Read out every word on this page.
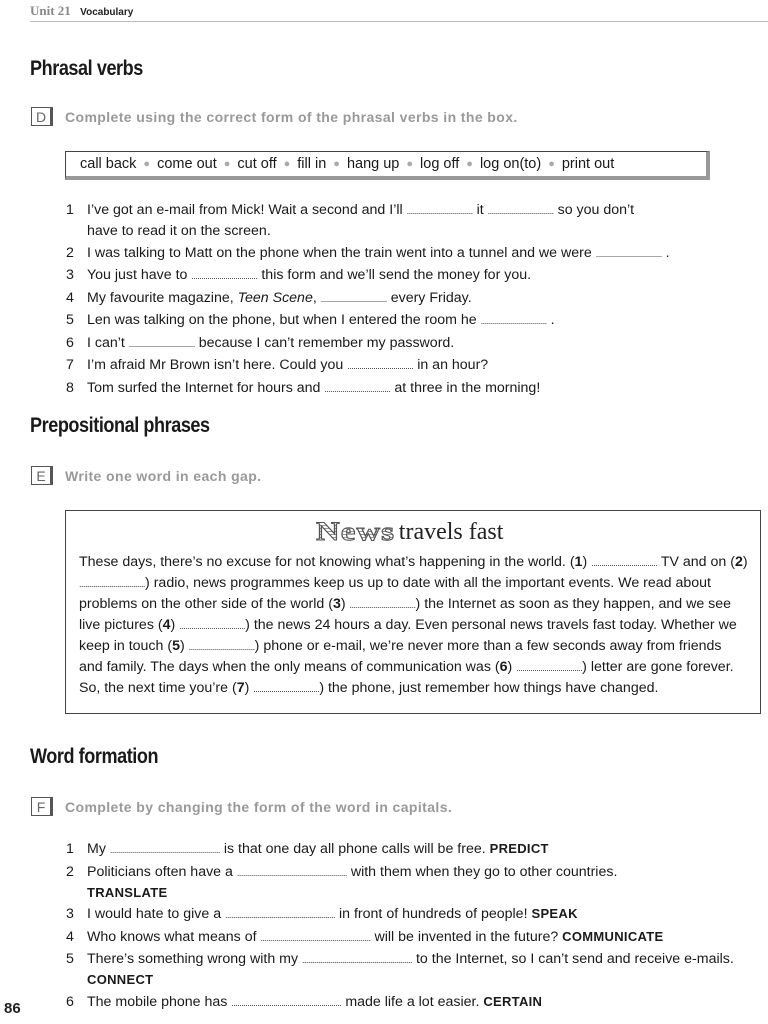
Unit 21 Vocabulary
Phrasal verbs
D	Complete using the correct form of the phrasal verbs in the box.
call back ● come out ● cut off ● fill in ● hang up ● log off ● log on(to) ● print out
1 I’ve got an e-mail from Mick! Wait a second and I’ll ................................. it ................................. so you don’t
have to read it on the screen.
2 I was talking to Matt on the phone when the train went into a tunnel and we were ................................. .
3 You just have to ................................. this form and we’ll send the money for you.
4 My favourite magazine, Teen Scene, ................................. every Friday.
5 Len was talking on the phone, but when I entered the room he ................................. .
6 I can’t ................................. because I can’t remember my password.
7 I’m afraid Mr Brown isn’t here. Could you ................................. in an hour?
8 Tom surfed the Internet for hours and ................................. at three in the morning!
Prepositional phrases
E	Write one word in each gap.
News travels fast
These days, there’s no excuse for not knowing what’s happening in the world. (1) ................................. TV and on (2) .................................) radio, news programmes keep us up to date with all the important events. We read about problems on the other side of the world (3) .................................) the Internet as soon as they happen, and we see live pictures (4) .................................) the news 24 hours a day. Even personal news travels fast today. Whether we keep in touch (5) .................................) phone or e-mail, we’re never more than a few seconds away from friends and family. The days when the only means of communication was (6) .................................) letter are gone forever. So, the next time you’re (7) .................................) the phone, just remember how things have changed.
Word formation
F	Complete by changing the form of the word in capitals.
1 My ....................................................... is that one day all phone calls will be free. PREDICT
2 Politicians often have a ....................................................... with them when they go to other countries.
TRANSLATE
3 I would hate to give a ....................................................... in front of hundreds of people! SPEAK
4 Who knows what means of ....................................................... will be invented in the future? COMMUNICATE
5 There’s something wrong with my ....................................................... to the Internet, so I can’t send and receive e-mails. CONNECT
6 The mobile phone has ....................................................... made life a lot easier. CERTAIN
86
